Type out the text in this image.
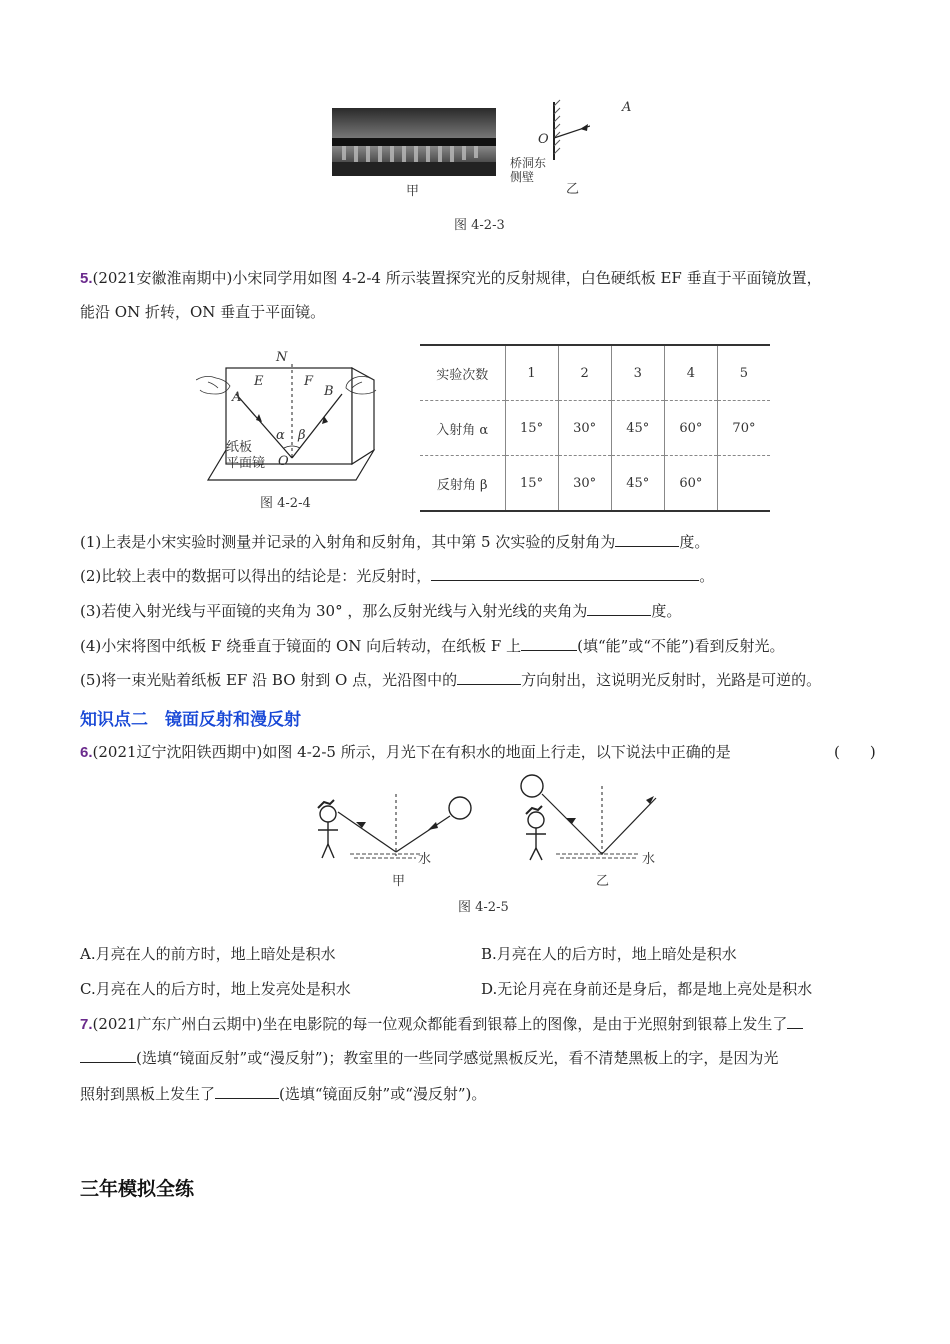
A
O
桥洞东
侧壁
甲	乙
图 4-2-3
5.(2021安徽淮南期中)小宋同学用如图 4-2-4 所示装置探究光的反射规律，白色硬纸板 EF 垂直于平面镜放置，
能沿 ON 折转，ON 垂直于平面镜。
N
E	F
A	B
α β
纸板
平面镜 O
图 4-2-4
实验次数	1	2	3	4	5
入射角 α	15°	30°	45°	60°	70°
反射角 β	15°	30°	45°	60°	
(1)上表是小宋实验时测量并记录的入射角和反射角，其中第 5 次实验的反射角为	度。
(2)比较上表中的数据可以得出的结论是：光反射时，	。
(3)若使入射光线与平面镜的夹角为 30° ，那么反射光线与入射光线的夹角为	度。
(4)小宋将图中纸板 F 绕垂直于镜面的 ON 向后转动，在纸板 F 上	(填“能”或“不能”)看到反射光。
(5)将一束光贴着纸板 EF 沿 BO 射到 O 点，光沿图中的	方向射出，这说明光反射时，光路是可逆的。
知识点二　镜面反射和漫反射
6.(2021辽宁沈阳铁西期中)如图 4-2-5 所示，月光下在有积水的地面上行走，以下说法中正确的是	(　　)
水	水
甲	乙
图 4-2-5
A.月亮在人的前方时，地上暗处是积水	B.月亮在人的后方时，地上暗处是积水
C.月亮在人的后方时，地上发亮处是积水	D.无论月亮在身前还是身后，都是地上亮处是积水
7.(2021广东广州白云期中)坐在电影院的每一位观众都能看到银幕上的图像，是由于光照射到银幕上发生了
(选填“镜面反射”或“漫反射”)；教室里的一些同学感觉黑板反光，看不清楚黑板上的字，是因为光
照射到黑板上发生了	(选填“镜面反射”或“漫反射”)。
三年模拟全练
